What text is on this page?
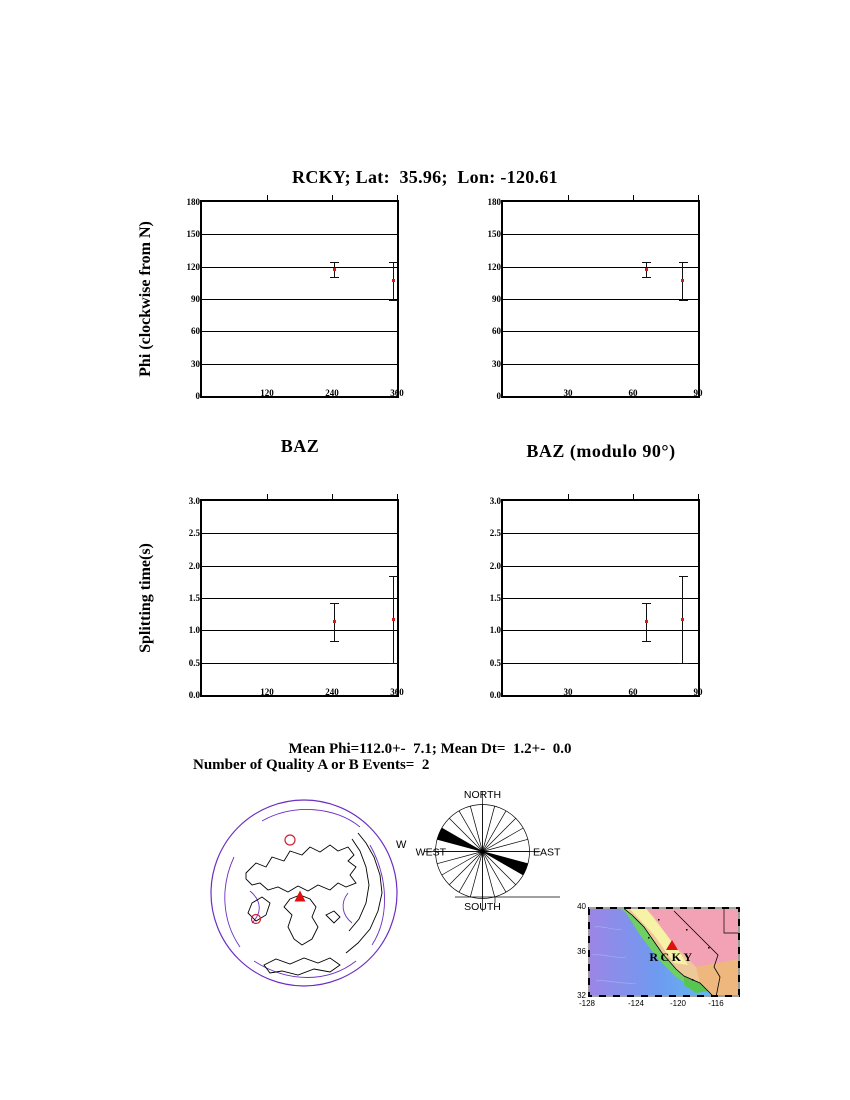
RCKY; Lat:  35.96;  Lon: -120.61
Phi (clockwise from N)
Splitting time(s)
0
30
60
90
120
150
180
120	240	360	0
30
60
90
120
150
180
30	60	90
0.0
0.5
1.0
1.5
2.0
2.5
3.0
120	240	360	0.0
0.5
1.0
1.5
2.0
2.5
3.0
30	60	90
BAZ	BAZ (modulo 90°)
Mean Phi=112.0+-  7.1; Mean Dt=  1.2+-  0.0
Number of Quality A or B Events=  2
W
NORTH
WEST	EAST
SOUTH
RCKY
40
36
32
-128	-124	-120	-116
